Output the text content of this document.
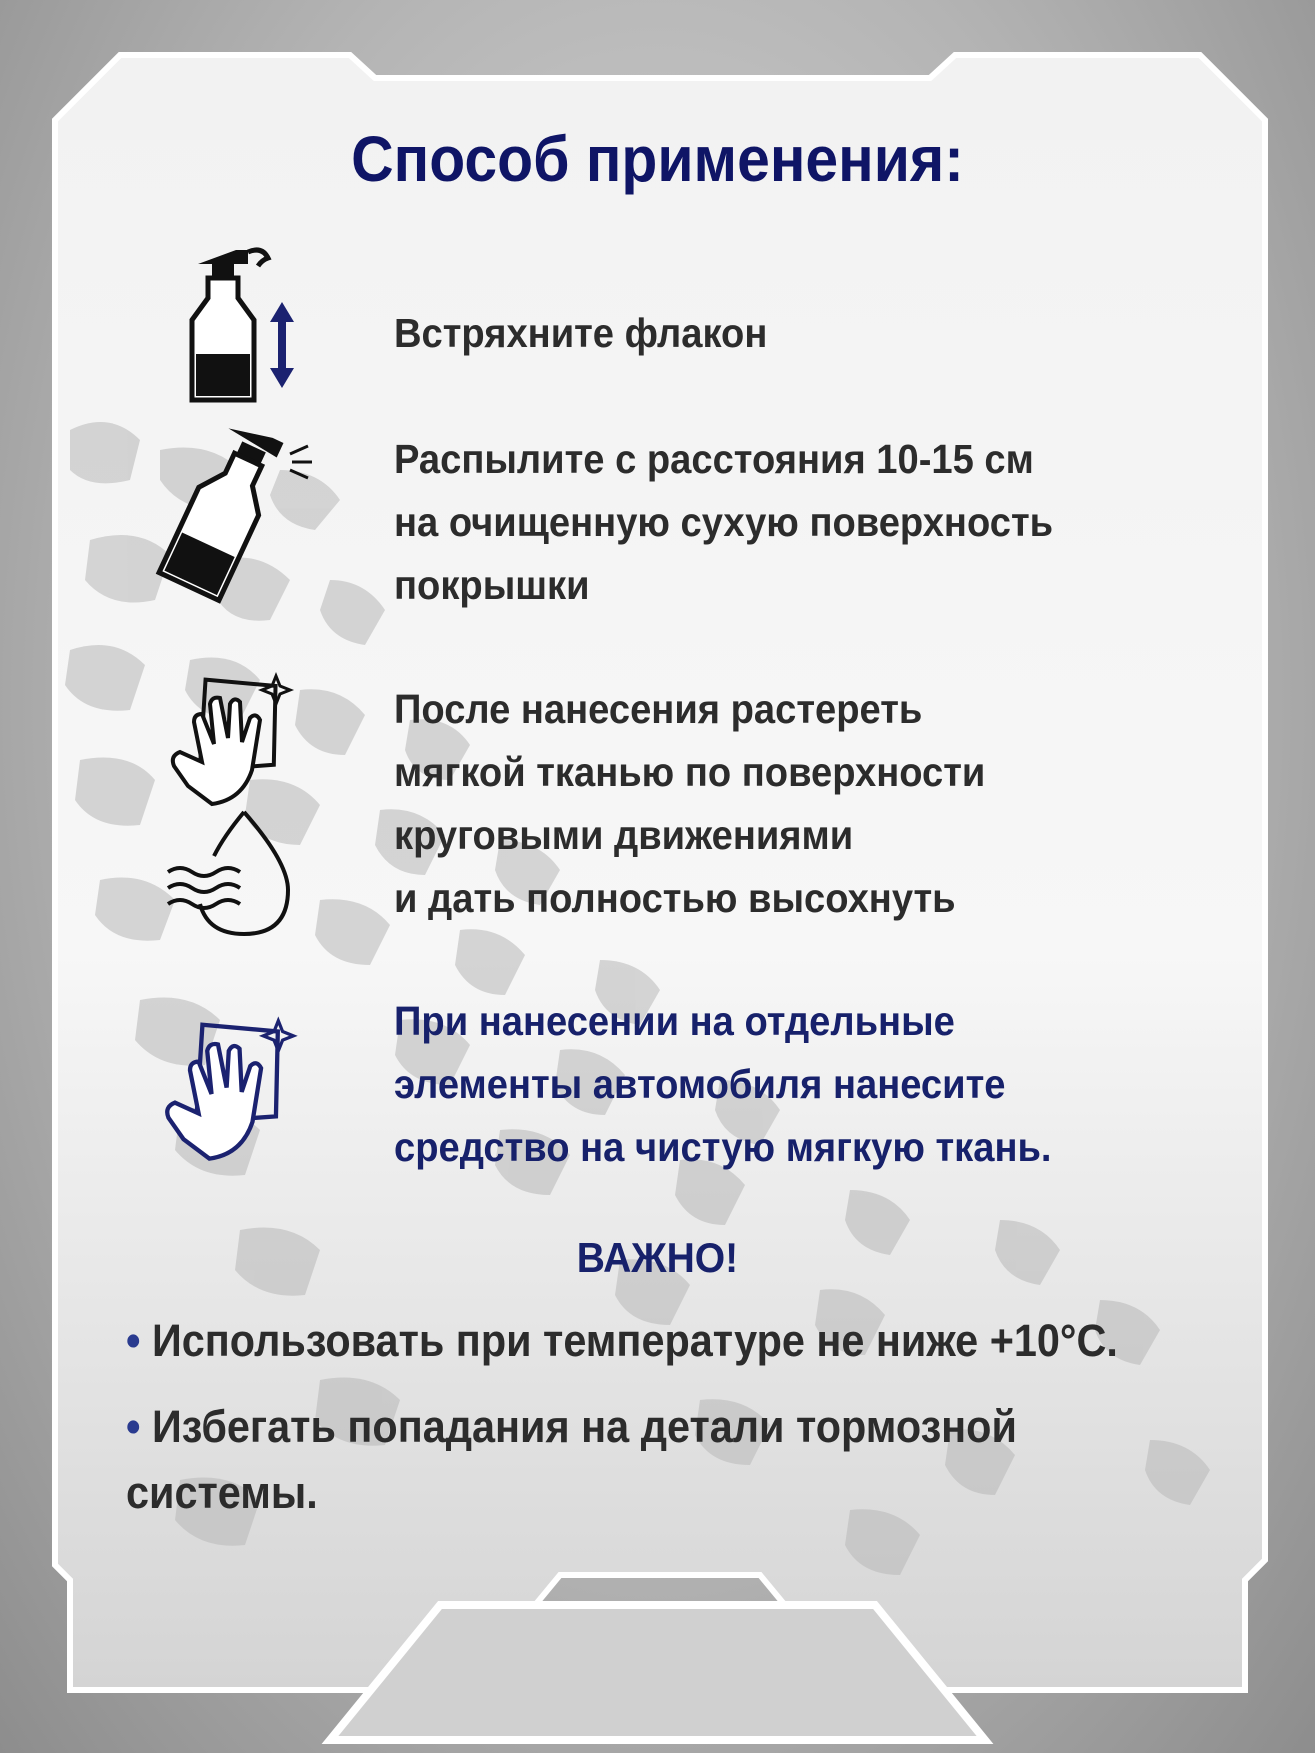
Способ применения:
Встряхните флакон
Распылите с расстояния 10-15 см
на очищенную сухую поверхность
покрышки
После нанесения растереть
мягкой тканью по поверхности
круговыми движениями
и дать полностью высохнуть
При нанесении на отдельные
элементы автомобиля нанесите
средство на чистую мягкую ткань.
ВАЖНО!
• Использовать при температуре не ниже +10°С.
• Избегать попадания на детали тормозной
системы.
